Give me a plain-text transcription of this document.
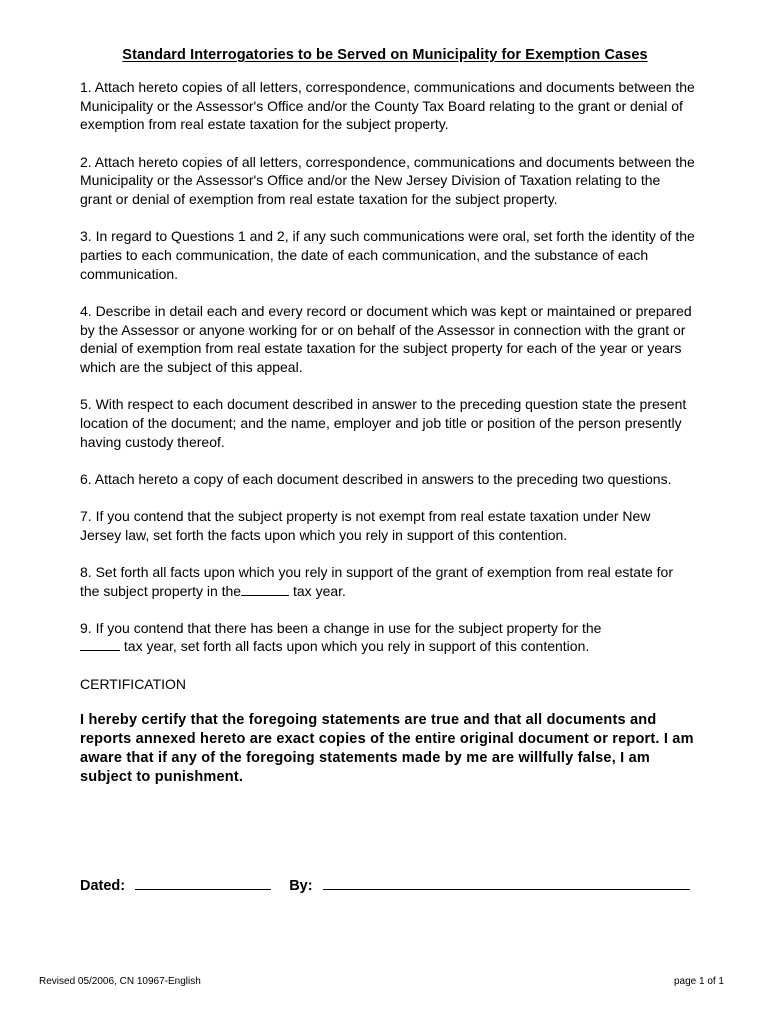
Standard Interrogatories to be Served on Municipality for Exemption Cases

1. Attach hereto copies of all letters, correspondence, communications and documents between the Municipality or the Assessor's Office and/or the County Tax Board relating to the grant or denial of exemption from real estate taxation for the subject property.

2. Attach hereto copies of all letters, correspondence, communications and documents between the Municipality or the Assessor's Office and/or the New Jersey Division of Taxation relating to the grant or denial of exemption from real estate taxation for the subject property.

3. In regard to Questions 1 and 2, if any such communications were oral, set forth the identity of the parties to each communication, the date of each communication, and the substance of each communication.

4. Describe in detail each and every record or document which was kept or maintained or prepared by the Assessor or anyone working for or on behalf of the Assessor in connection with the grant or denial of exemption from real estate taxation for the subject property for each of the year or years which are the subject of this appeal.

5. With respect to each document described in answer to the preceding question state the present location of the document; and the name, employer and job title or position of the person presently having custody thereof.

6. Attach hereto a copy of each document described in answers to the preceding two questions.

7. If you contend that the subject property is not exempt from real estate taxation under New Jersey law, set forth the facts upon which you rely in support of this contention.

8. Set forth all facts upon which you rely in support of the grant of exemption from real estate for the subject property in the	tax year.

9. If you contend that there has been a change in use for the subject property for the
tax year, set forth all facts upon which you rely in support of this contention.

CERTIFICATION

I hereby certify that the foregoing statements are true and that all documents and reports annexed hereto are exact copies of the entire original document or report. I am aware that if any of the foregoing statements made by me are willfully false, I am subject to punishment.

Dated:	By:
Revised 05/2006, CN 10967-English	page 1 of 1
